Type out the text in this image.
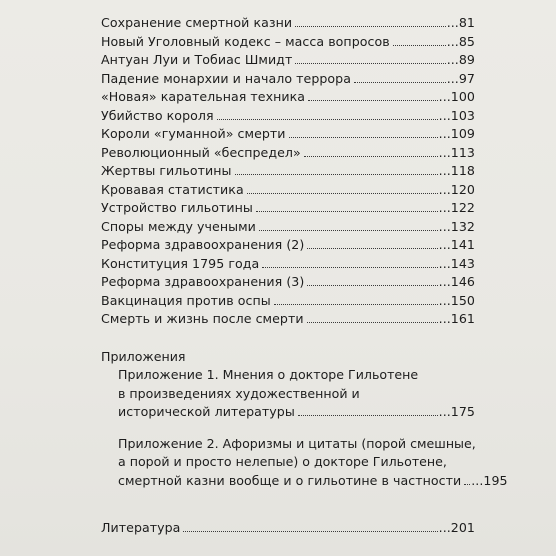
Сохранение смертной казни	...81
Новый Уголовный кодекс – масса вопросов	...85
Антуан Луи и Тобиас Шмидт	...89
Падение монархии и начало террора	...97
«Новая» карательная техника	...100
Убийство короля	...103
Короли «гуманной» смерти	...109
Революционный «беспредел»	...113
Жертвы гильотины	...118
Кровавая статистика	...120
Устройство гильотины	...122
Споры между учеными	...132
Реформа здравоохранения (2)	...141
Конституция 1795 года	...143
Реформа здравоохранения (3)	...146
Вакцинация против оспы	...150
Смерть и жизнь после смерти	...161
Приложения
Приложение 1. Мнения о докторе Гильотене
в произведениях художественной и
исторической литературы	...175
Приложение 2. Афоризмы и цитаты (порой смешные,
а порой и просто нелепые) о докторе Гильотене,
смертной казни вообще и о гильотине в частности ...195
Литература	...201
